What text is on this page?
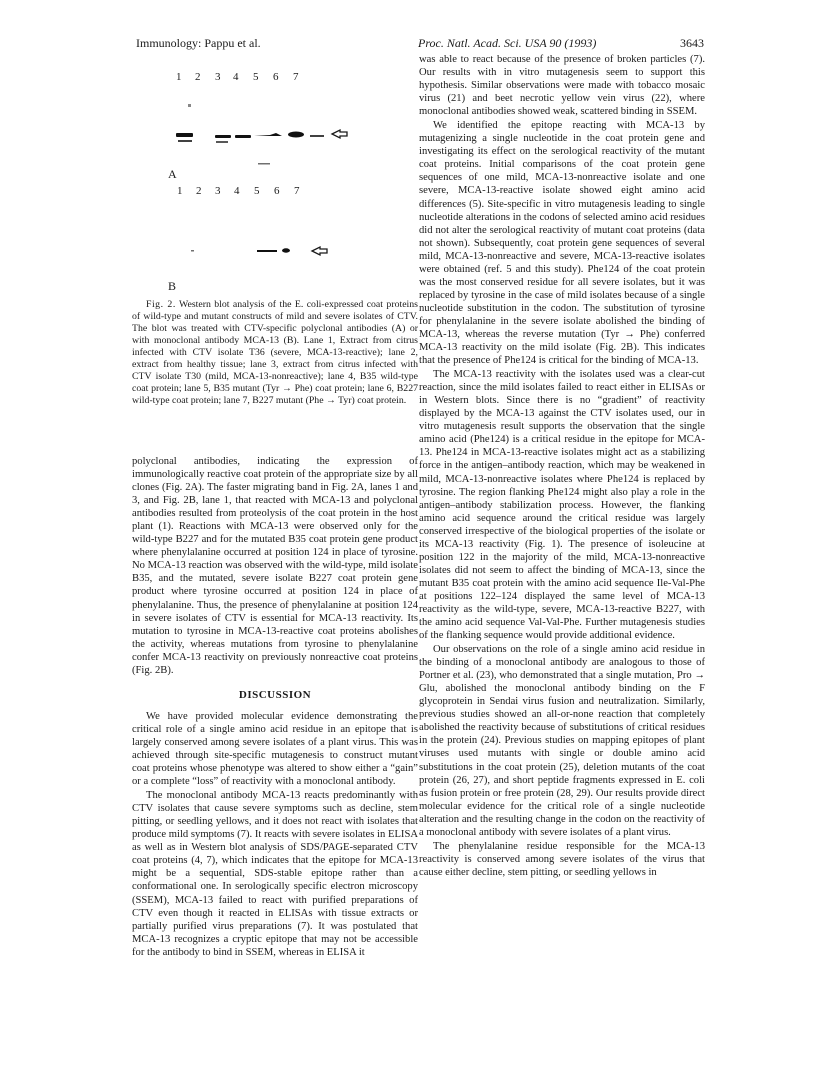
Immunology: Pappu et al.	Proc. Natl. Acad. Sci. USA 90 (1993)	3643
1 2 3 4 5 6 7
A
1 2 3 4 5 6 7
B
Fig. 2. Western blot analysis of the E. coli-expressed coat proteins of wild-type and mutant constructs of mild and severe isolates of CTV. The blot was treated with CTV-specific polyclonal antibodies (A) or with monoclonal antibody MCA-13 (B). Lane 1, Extract from citrus infected with CTV isolate T36 (severe, MCA-13-reactive); lane 2, extract from healthy tissue; lane 3, extract from citrus infected with CTV isolate T30 (mild, MCA-13-nonreactive); lane 4, B35 wild-type coat protein; lane 5, B35 mutant (Tyr → Phe) coat protein; lane 6, B227 wild-type coat protein; lane 7, B227 mutant (Phe → Tyr) coat protein.

polyclonal antibodies, indicating the expression of immunologically reactive coat protein of the appropriate size by all clones (Fig. 2A). The faster migrating band in Fig. 2A, lanes 1 and 3, and Fig. 2B, lane 1, that reacted with MCA-13 and polyclonal antibodies resulted from proteolysis of the coat protein in the host plant (1). Reactions with MCA-13 were observed only for the wild-type B227 and for the mutated B35 coat protein gene product where phenylalanine occurred at position 124 in place of tyrosine. No MCA-13 reaction was observed with the wild-type, mild isolate B35, and the mutated, severe isolate B227 coat protein gene product where tyrosine occurred at position 124 in place of phenylalanine. Thus, the presence of phenylalanine at position 124 in severe isolates of CTV is essential for MCA-13 reactivity. Its mutation to tyrosine in MCA-13-reactive coat proteins abolishes the activity, whereas mutations from tyrosine to phenylalanine confer MCA-13 reactivity on previously nonreactive coat proteins (Fig. 2B).

DISCUSSION

We have provided molecular evidence demonstrating the critical role of a single amino acid residue in an epitope that is largely conserved among severe isolates of a plant virus. This was achieved through site-specific mutagenesis to construct mutant coat proteins whose phenotype was altered to show either a “gain” or a complete “loss” of reactivity with a monoclonal antibody.

The monoclonal antibody MCA-13 reacts predominantly with CTV isolates that cause severe symptoms such as decline, stem pitting, or seedling yellows, and it does not react with isolates that produce mild symptoms (7). It reacts with severe isolates in ELISA as well as in Western blot analysis of SDS/PAGE-separated CTV coat proteins (4, 7), which indicates that the epitope for MCA-13 might be a sequential, SDS-stable epitope rather than a conformational one. In serologically specific electron microscopy (SSEM), MCA-13 failed to react with purified preparations of CTV even though it reacted in ELISAs with tissue extracts or partially purified virus preparations (7). It was postulated that MCA-13 recognizes a cryptic epitope that may not be accessible for the antibody to bind in SSEM, whereas in ELISA it

was able to react because of the presence of broken particles (7). Our results with in vitro mutagenesis seem to support this hypothesis. Similar observations were made with tobacco mosaic virus (21) and beet necrotic yellow vein virus (22), where monoclonal antibodies showed weak, scattered binding in SSEM.

We identified the epitope reacting with MCA-13 by mutagenizing a single nucleotide in the coat protein gene and investigating its effect on the serological reactivity of the mutant coat proteins. Initial comparisons of the coat protein gene sequences of one mild, MCA-13-nonreactive isolate and one severe, MCA-13-reactive isolate showed eight amino acid differences (5). Site-specific in vitro mutagenesis leading to single nucleotide alterations in the codons of selected amino acid residues did not alter the serological reactivity of mutant coat proteins (data not shown). Subsequently, coat protein gene sequences of several mild, MCA-13-nonreactive and severe, MCA-13-reactive isolates were obtained (ref. 5 and this study). Phe124 of the coat protein was the most conserved residue for all severe isolates, but it was replaced by tyrosine in the case of mild isolates because of a single nucleotide substitution in the codon. The substitution of tyrosine for phenylalanine in the severe isolate abolished the binding of MCA-13, whereas the reverse mutation (Tyr → Phe) conferred MCA-13 reactivity on the mild isolate (Fig. 2B). This indicates that the presence of Phe124 is critical for the binding of MCA-13.

The MCA-13 reactivity with the isolates used was a clear-cut reaction, since the mild isolates failed to react either in ELISAs or in Western blots. Since there is no “gradient” of reactivity displayed by the MCA-13 against the CTV isolates used, our in vitro mutagenesis result supports the observation that the single amino acid (Phe124) is a critical residue in the epitope for MCA-13. Phe124 in MCA-13-reactive isolates might act as a stabilizing force in the antigen–antibody reaction, which may be weakened in mild, MCA-13-nonreactive isolates where Phe124 is replaced by tyrosine. The region flanking Phe124 might also play a role in the antigen–antibody stabilization process. However, the flanking amino acid sequence around the critical residue was largely conserved irrespective of the biological properties of the isolate or its MCA-13 reactivity (Fig. 1). The presence of isoleucine at position 122 in the majority of the mild, MCA-13-nonreactive isolates did not seem to affect the binding of MCA-13, since the mutant B35 coat protein with the amino acid sequence Ile-Val-Phe at positions 122–124 displayed the same level of MCA-13 reactivity as the wild-type, severe, MCA-13-reactive B227, with the amino acid sequence Val-Val-Phe. Further mutagenesis studies of the flanking sequence would provide additional evidence.

Our observations on the role of a single amino acid residue in the binding of a monoclonal antibody are analogous to those of Portner et al. (23), who demonstrated that a single mutation, Pro → Glu, abolished the monoclonal antibody binding on the F glycoprotein in Sendai virus fusion and neutralization. Similarly, previous studies showed an all-or-none reaction that completely abolished the reactivity because of substitutions of critical residues in the protein (24). Previous studies on mapping epitopes of plant viruses used mutants with single or double amino acid substitutions in the coat protein (25), deletion mutants of the coat protein (26, 27), and short peptide fragments expressed in E. coli as fusion protein or free protein (28, 29). Our results provide direct molecular evidence for the critical role of a single nucleotide alteration and the resulting change in the codon on the reactivity of a monoclonal antibody with severe isolates of a plant virus.

The phenylalanine residue responsible for the MCA-13 reactivity is conserved among severe isolates of the virus that cause either decline, stem pitting, or seedling yellows in
